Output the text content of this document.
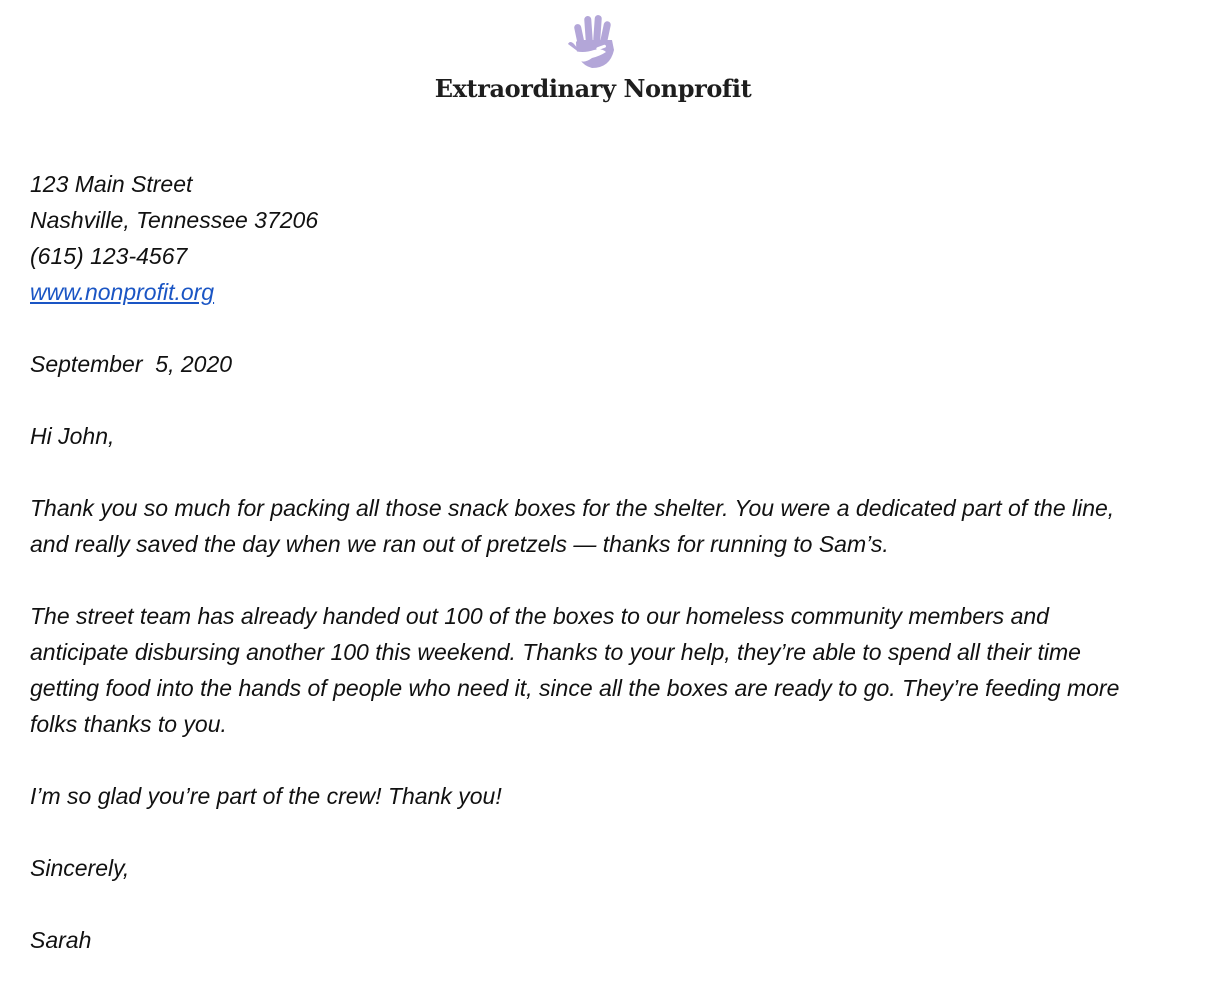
Extraordinary Nonprofit

123 Main Street
Nashville, Tennessee 37206
(615) 123-4567
www.nonprofit.org

September  5, 2020

Hi John,

Thank you so much for packing all those snack boxes for the shelter. You were a dedicated part of the line,
and really saved the day when we ran out of pretzels — thanks for running to Sam’s.

The street team has already handed out 100 of the boxes to our homeless community members and
anticipate disbursing another 100 this weekend. Thanks to your help, they’re able to spend all their time
getting food into the hands of people who need it, since all the boxes are ready to go. They’re feeding more
folks thanks to you.

I’m so glad you’re part of the crew! Thank you!

Sincerely,

Sarah
